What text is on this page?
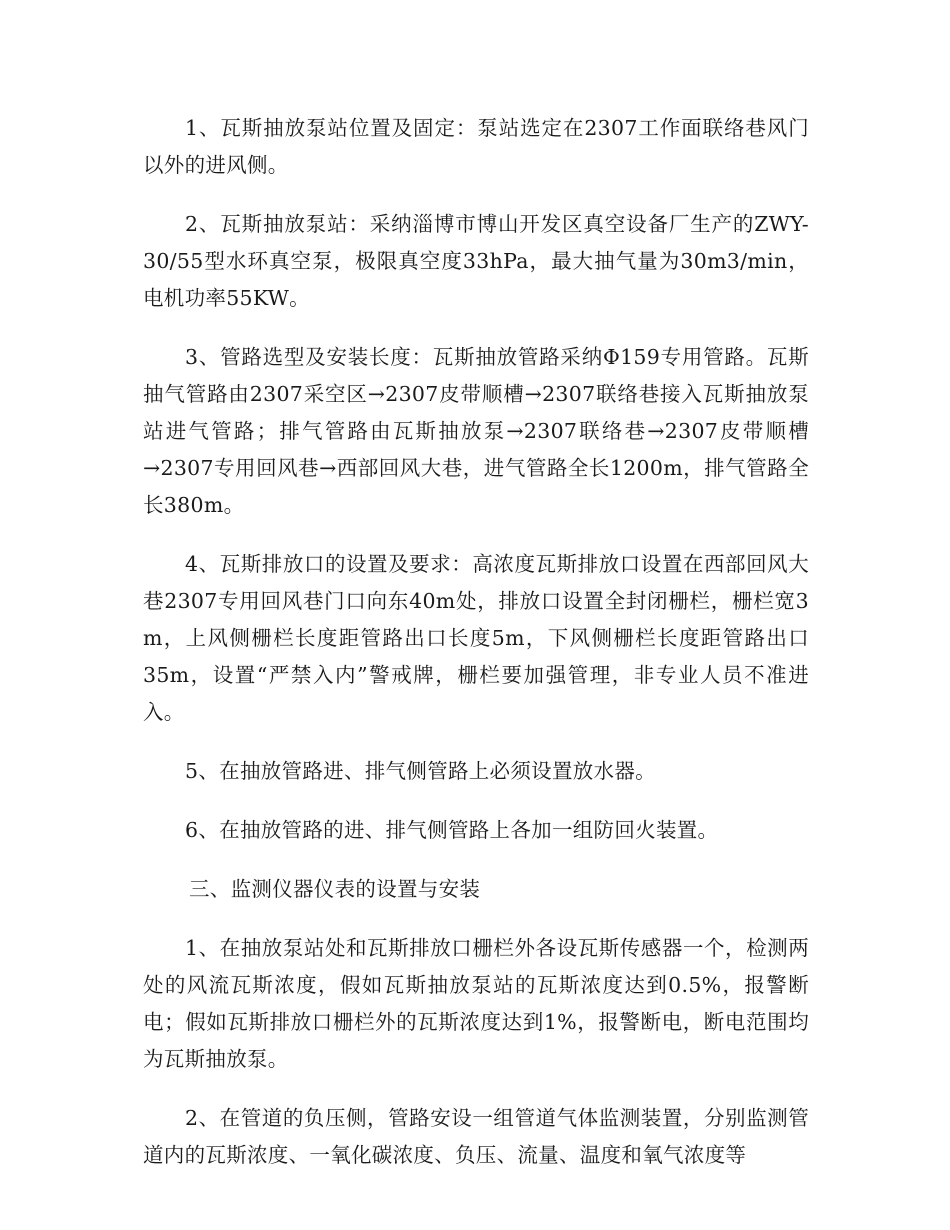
1、瓦斯抽放泵站位置及固定：泵站选定在2307工作面联络巷风门以外的进风侧。

2、瓦斯抽放泵站：采纳淄博市博山开发区真空设备厂生产的ZWY-30/55型水环真空泵，极限真空度33hPa，最大抽气量为30m3/min，电机功率55KW。

3、管路选型及安装长度：瓦斯抽放管路采纳Φ159专用管路。瓦斯抽气管路由2307采空区→2307皮带顺槽→2307联络巷接入瓦斯抽放泵站进气管路；排气管路由瓦斯抽放泵→2307联络巷→2307皮带顺槽→2307专用回风巷→西部回风大巷，进气管路全长1200m，排气管路全长380m。

4、瓦斯排放口的设置及要求：高浓度瓦斯排放口设置在西部回风大巷2307专用回风巷门口向东40m处，排放口设置全封闭栅栏，栅栏宽3 m，上风侧栅栏长度距管路出口长度5m，下风侧栅栏长度距管路出口35m，设置“严禁入内”警戒牌，栅栏要加强管理，非专业人员不准进入。

5、在抽放管路进、排气侧管路上必须设置放水器。

6、在抽放管路的进、排气侧管路上各加一组防回火装置。

三、监测仪器仪表的设置与安装

1、在抽放泵站处和瓦斯排放口栅栏外各设瓦斯传感器一个，检测两处的风流瓦斯浓度，假如瓦斯抽放泵站的瓦斯浓度达到0.5%，报警断电；假如瓦斯排放口栅栏外的瓦斯浓度达到1%，报警断电，断电范围均为瓦斯抽放泵。

2、在管道的负压侧，管路安设一组管道气体监测装置，分别监测管道内的瓦斯浓度、一氧化碳浓度、负压、流量、温度和氧气浓度等
